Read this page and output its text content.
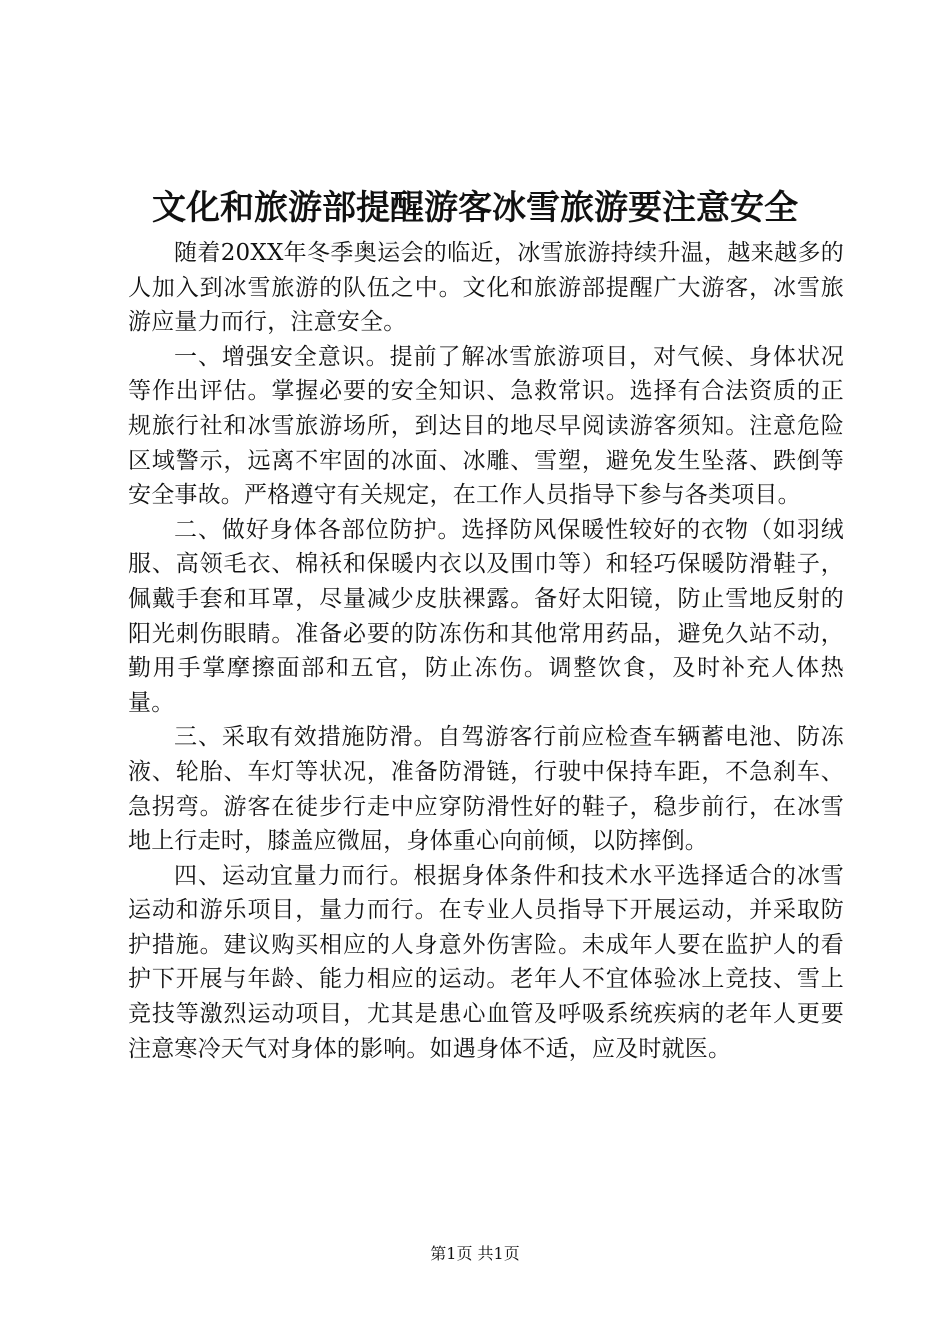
文化和旅游部提醒游客冰雪旅游要注意安全

随着20XX年冬季奥运会的临近，冰雪旅游持续升温，越来越多的人加入到冰雪旅游的队伍之中。文化和旅游部提醒广大游客，冰雪旅游应量力而行，注意安全。

一、增强安全意识。提前了解冰雪旅游项目，对气候、身体状况等作出评估。掌握必要的安全知识、急救常识。选择有合法资质的正规旅行社和冰雪旅游场所，到达目的地尽早阅读游客须知。注意危险区域警示，远离不牢固的冰面、冰雕、雪塑，避免发生坠落、跌倒等安全事故。严格遵守有关规定，在工作人员指导下参与各类项目。

二、做好身体各部位防护。选择防风保暖性较好的衣物（如羽绒服、高领毛衣、棉袄和保暖内衣以及围巾等）和轻巧保暖防滑鞋子，佩戴手套和耳罩，尽量减少皮肤裸露。备好太阳镜，防止雪地反射的阳光刺伤眼睛。准备必要的防冻伤和其他常用药品，避免久站不动，勤用手掌摩擦面部和五官，防止冻伤。调整饮食，及时补充人体热量。

三、采取有效措施防滑。自驾游客行前应检查车辆蓄电池、防冻液、轮胎、车灯等状况，准备防滑链，行驶中保持车距，不急刹车、急拐弯。游客在徒步行走中应穿防滑性好的鞋子，稳步前行，在冰雪地上行走时，膝盖应微屈，身体重心向前倾，以防摔倒。

四、运动宜量力而行。根据身体条件和技术水平选择适合的冰雪运动和游乐项目，量力而行。在专业人员指导下开展运动，并采取防护措施。建议购买相应的人身意外伤害险。未成年人要在监护人的看护下开展与年龄、能力相应的运动。老年人不宜体验冰上竞技、雪上竞技等激烈运动项目，尤其是患心血管及呼吸系统疾病的老年人更要注意寒冷天气对身体的影响。如遇身体不适，应及时就医。

第1页 共1页
